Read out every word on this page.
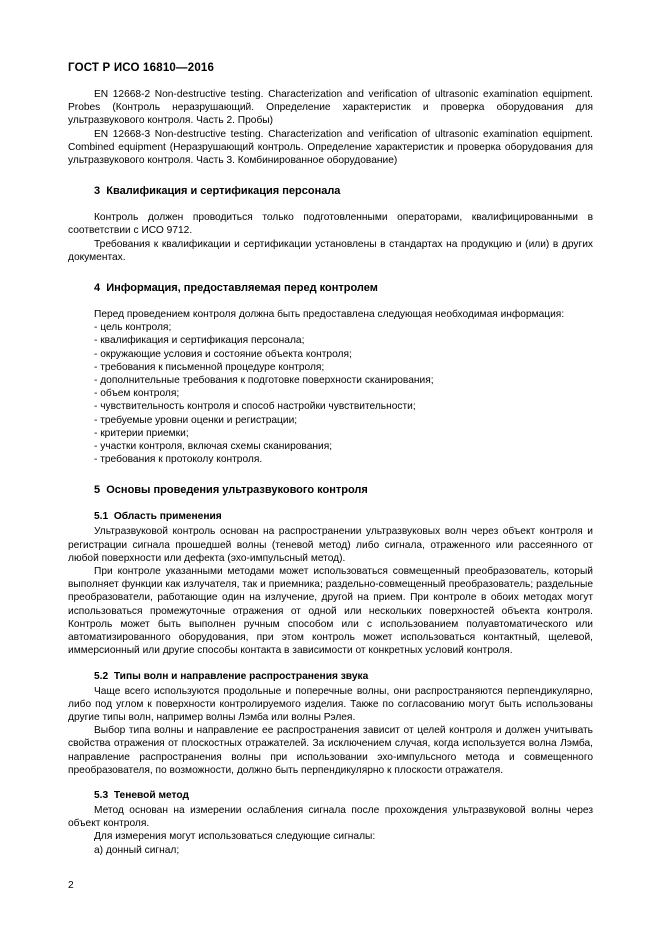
ГОСТ Р ИСО 16810—2016

EN 12668-2 Non-destructive testing. Characterization and verification of ultrasonic examination equipment. Probes (Контроль неразрушающий. Определение характеристик и проверка оборудования для ультразвукового контроля. Часть 2. Пробы)

EN 12668-3 Non-destructive testing. Characterization and verification of ultrasonic examination equipment. Combined equipment (Неразрушающий контроль. Определение характеристик и проверка оборудования для ультразвукового контроля. Часть 3. Комбинированное оборудование)

3 Квалификация и сертификация персонала

Контроль должен проводиться только подготовленными операторами, квалифицированными в соответствии с ИСО 9712.

Требования к квалификации и сертификации установлены в стандартах на продукцию и (или) в других документах.

4 Информация, предоставляемая перед контролем

Перед проведением контроля должна быть предоставлена следующая необходимая информация:

- цель контроля;
- квалификация и сертификация персонала;
- окружающие условия и состояние объекта контроля;
- требования к письменной процедуре контроля;
- дополнительные требования к подготовке поверхности сканирования;
- объем контроля;
- чувствительность контроля и способ настройки чувствительности;
- требуемые уровни оценки и регистрации;
- критерии приемки;
- участки контроля, включая схемы сканирования;
- требования к протоколу контроля.
5 Основы проведения ультразвукового контроля
5.1 Область применения

Ультразвуковой контроль основан на распространении ультразвуковых волн через объект контроля и регистрации сигнала прошедшей волны (теневой метод) либо сигнала, отраженного или рассеянного от любой поверхности или дефекта (эхо-импульсный метод).

При контроле указанными методами может использоваться совмещенный преобразователь, который выполняет функции как излучателя, так и приемника; раздельно-совмещенный преобразователь; раздельные преобразователи, работающие один на излучение, другой на прием. При контроле в обоих методах могут использоваться промежуточные отражения от одной или нескольких поверхностей объекта контроля. Контроль может быть выполнен ручным способом или с использованием полуавтоматического или автоматизированного оборудования, при этом контроль может использоваться контактный, щелевой, иммерсионный или другие способы контакта в зависимости от конкретных условий контроля.

5.2 Типы волн и направление распространения звука

Чаще всего используются продольные и поперечные волны, они распространяются перпендикулярно, либо под углом к поверхности контролируемого изделия. Также по согласованию могут быть использованы другие типы волн, например волны Лэмба или волны Рэлея.

Выбор типа волны и направление ее распространения зависит от целей контроля и должен учитывать свойства отражения от плоскостных отражателей. За исключением случая, когда используется волна Лэмба, направление распространения волны при использовании эхо-импульсного метода и совмещенного преобразователя, по возможности, должно быть перпендикулярно к плоскости отражателя.

5.3 Теневой метод

Метод основан на измерении ослабления сигнала после прохождения ультразвуковой волны через объект контроля.

Для измерения могут использоваться следующие сигналы:

а) донный сигнал;
2
